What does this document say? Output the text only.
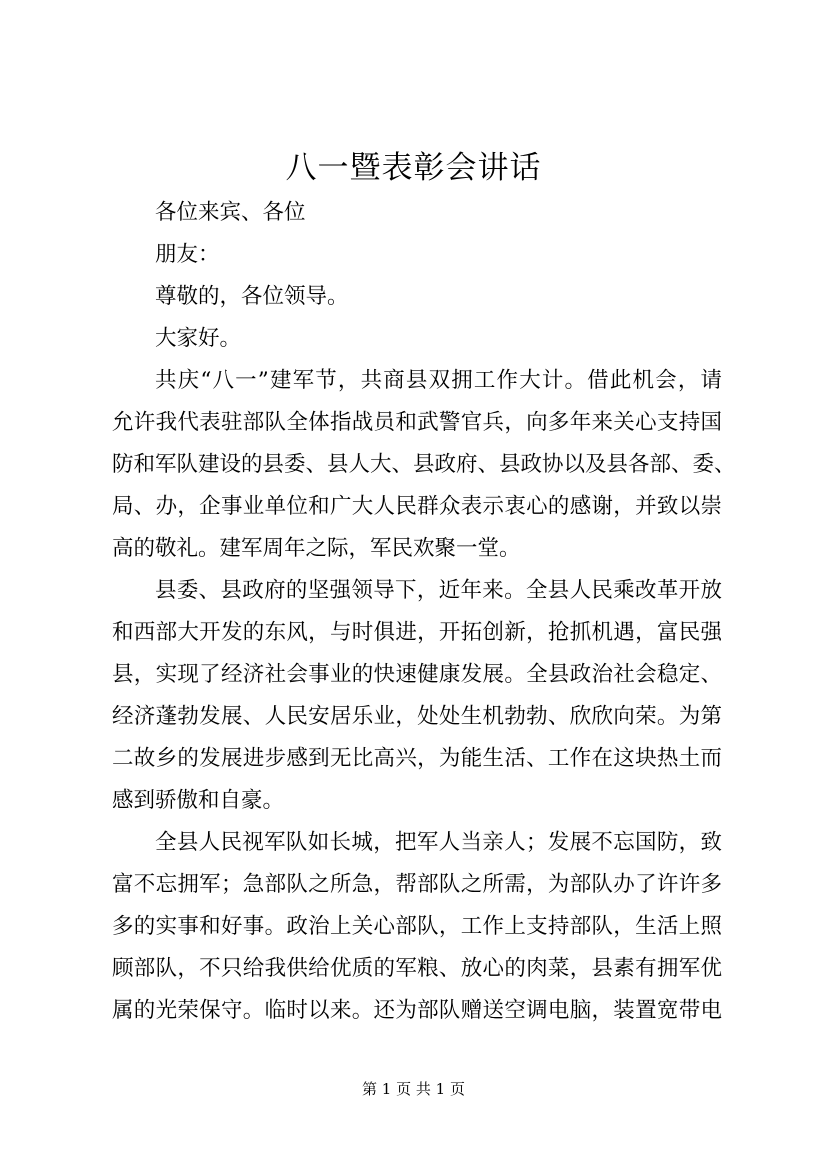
八一暨表彰会讲话
各位来宾、各位
朋友：
尊敬的，各位领导。
大家好。
共庆“八一”建军节，共商县双拥工作大计。借此机会，请
允许我代表驻部队全体指战员和武警官兵，向多年来关心支持国
防和军队建设的县委、县人大、县政府、县政协以及县各部、委、
局、办，企事业单位和广大人民群众表示衷心的感谢，并致以崇
高的敬礼。建军周年之际，军民欢聚一堂。
县委、县政府的坚强领导下，近年来。全县人民乘改革开放
和西部大开发的东风，与时俱进，开拓创新，抢抓机遇，富民强
县，实现了经济社会事业的快速健康发展。全县政治社会稳定、
经济蓬勃发展、人民安居乐业，处处生机勃勃、欣欣向荣。为第
二故乡的发展进步感到无比高兴，为能生活、工作在这块热土而
感到骄傲和自豪。
全县人民视军队如长城，把军人当亲人；发展不忘国防，致
富不忘拥军；急部队之所急，帮部队之所需，为部队办了许许多
多的实事和好事。政治上关心部队，工作上支持部队，生活上照
顾部队，不只给我供给优质的军粮、放心的肉菜，县素有拥军优
属的光荣保守。临时以来。还为部队赠送空调电脑，装置宽带电
第 1 页 共 1 页
